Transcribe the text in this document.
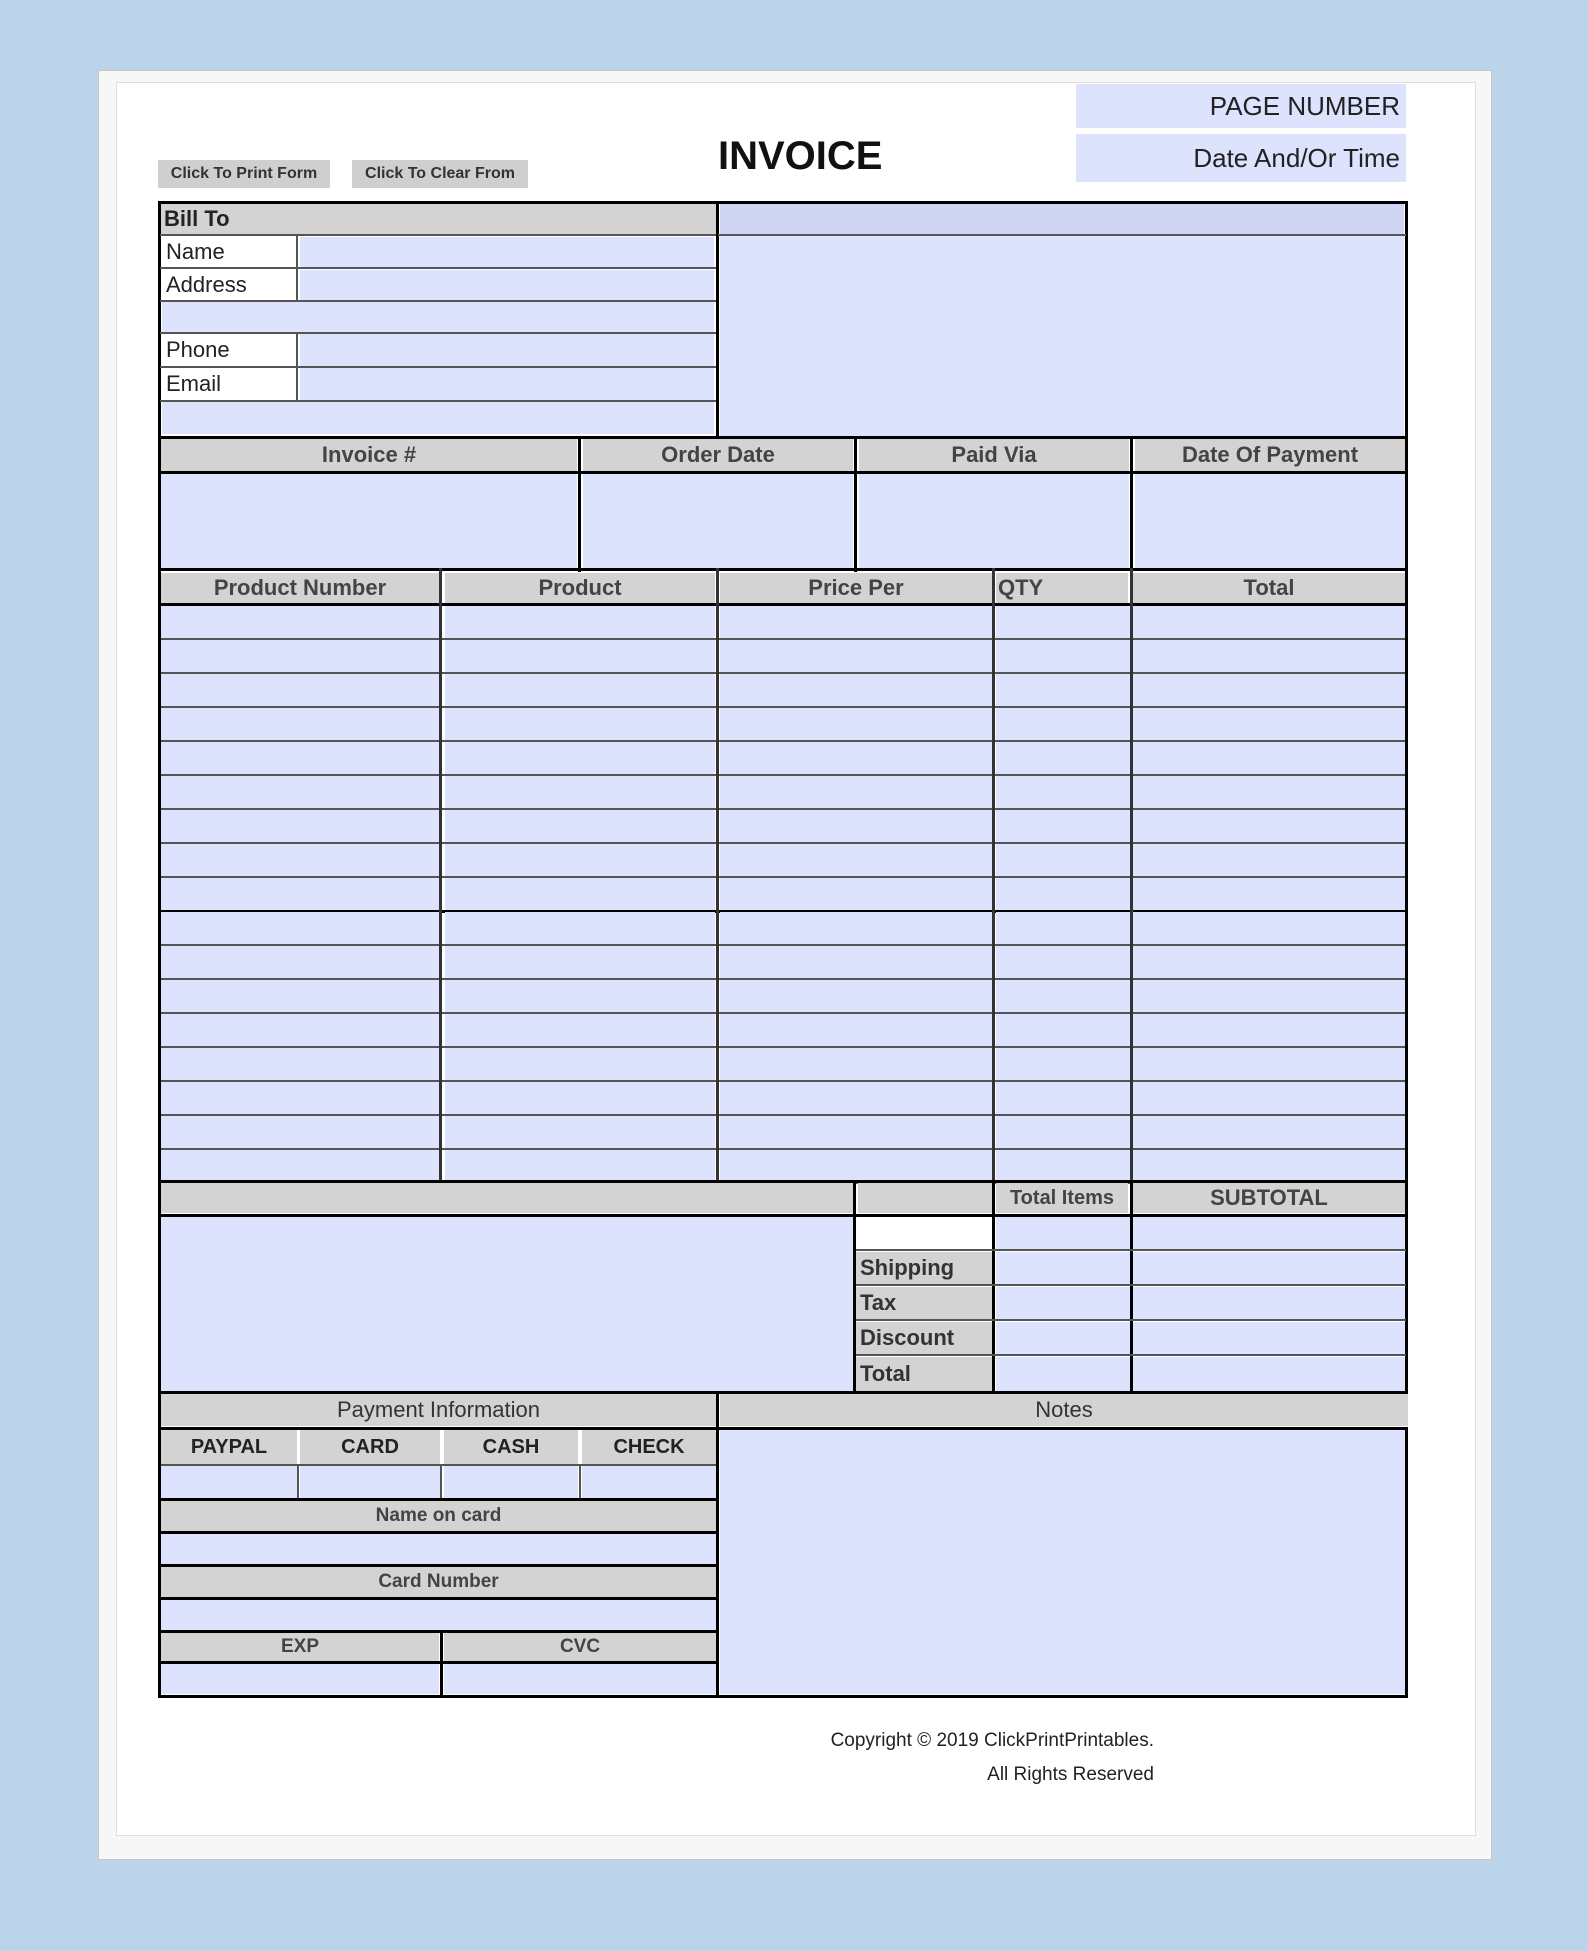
Click To Print Form	Click To Clear From	INVOICE
PAGE NUMBER
Date And/Or Time
Bill To
Name
Address
Phone
Email
Invoice #	Order Date	Paid Via	Date Of Payment
Product Number	Product	Price Per	QTY	Total
Total Items	SUBTOTAL
Shipping
Tax
Discount
Total
Payment Information	Notes
PAYPAL	CARD	CASH	CHECK
Name on card
Card Number
EXP	CVC
Copyright © 2019 ClickPrintPrintables.
All Rights Reserved
